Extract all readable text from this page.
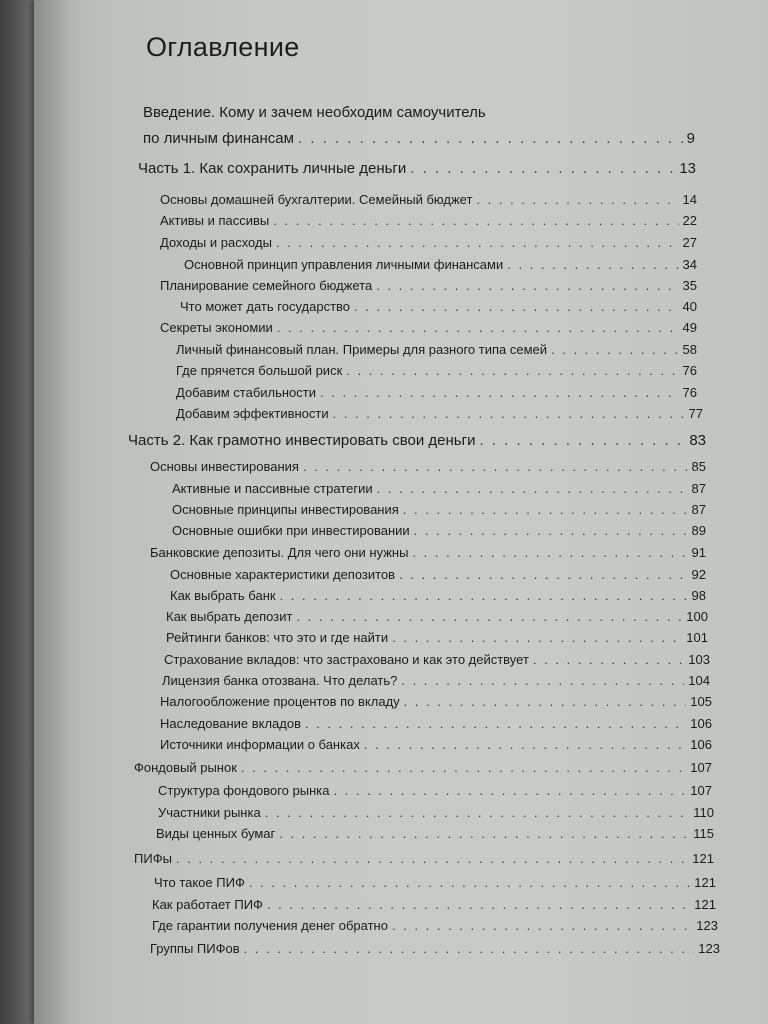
Оглавление
Введение. Кому и зачем необходим самоучитель
по личным финансам . . .	9
Часть 1. Как сохранить личные деньги . . .	13
Основы домашней бухгалтерии. Семейный бюджет . . .	14
Активы и пассивы . . .	22
Доходы и расходы . . .	27
Основной принцип управления личными финансами . . .	34
Планирование семейного бюджета . . .	35
Что может дать государство . . .	40
Секреты экономии . . .	49
Личный финансовый план. Примеры для разного типа семей . . .	58
Где прячется большой риск . . .	76
Добавим стабильности . . .	76
Добавим эффективности . . .	77
Часть 2. Как грамотно инвестировать свои деньги . . .	83
Основы инвестирования . . .	85
Активные и пассивные стратегии . . .	87
Основные принципы инвестирования . . .	87
Основные ошибки при инвестировании . . .	89
Банковские депозиты. Для чего они нужны . . .	91
Основные характеристики депозитов . . .	92
Как выбрать банк . . .	98
Как выбрать депозит . . .	100
Рейтинги банков: что это и где найти . . .	101
Страхование вкладов: что застраховано и как это действует . . .	103
Лицензия банка отозвана. Что делать? . . .	104
Налогообложение процентов по вкладу . . .	105
Наследование вкладов . . .	106
Источники информации о банках . . .	106
Фондовый рынок . . .	107
Структура фондового рынка . . .	107
Участники рынка . . .	110
Виды ценных бумаг . . .	115
ПИФы . . .	121
Что такое ПИФ . . .	121
Как работает ПИФ . . .	121
Где гарантии получения денег обратно . . .	123
Группы ПИФов . . .	123
